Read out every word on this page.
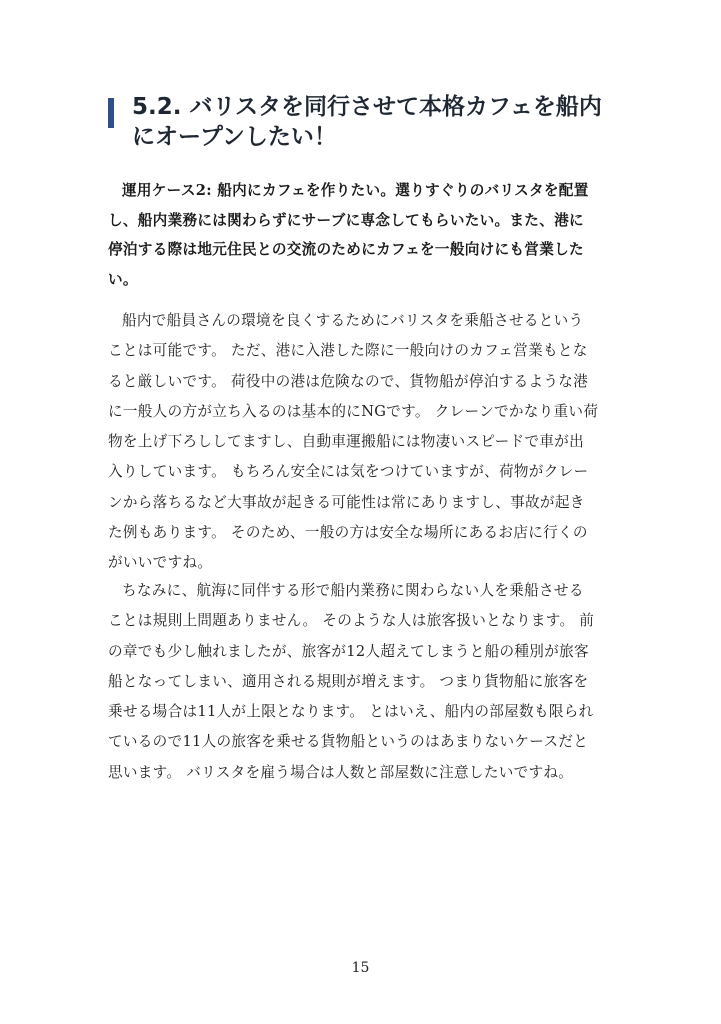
5.2. バリスタを同行させて本格カフェを船内
にオープンしたい！
運用ケース2: 船内にカフェを作りたい。選りすぐりのバリスタを配置
し、船内業務には関わらずにサーブに専念してもらいたい。また、港に
停泊する際は地元住民との交流のためにカフェを一般向けにも営業した
い。
船内で船員さんの環境を良くするためにバリスタを乗船させるという
ことは可能です。 ただ、港に入港した際に一般向けのカフェ営業もとな
ると厳しいです。 荷役中の港は危険なので、貨物船が停泊するような港
に一般人の方が立ち入るのは基本的にNGです。 クレーンでかなり重い荷
物を上げ下ろししてますし、自動車運搬船には物凄いスピードで車が出
入りしています。 もちろん安全には気をつけていますが、荷物がクレー
ンから落ちるなど大事故が起きる可能性は常にありますし、事故が起き
た例もあります。 そのため、一般の方は安全な場所にあるお店に行くの
がいいですね。
ちなみに、航海に同伴する形で船内業務に関わらない人を乗船させる
ことは規則上問題ありません。 そのような人は旅客扱いとなります。 前
の章でも少し触れましたが、旅客が12人超えてしまうと船の種別が旅客
船となってしまい、適用される規則が増えます。 つまり貨物船に旅客を
乗せる場合は11人が上限となります。 とはいえ、船内の部屋数も限られ
ているので11人の旅客を乗せる貨物船というのはあまりないケースだと
思います。 バリスタを雇う場合は人数と部屋数に注意したいですね。
15
